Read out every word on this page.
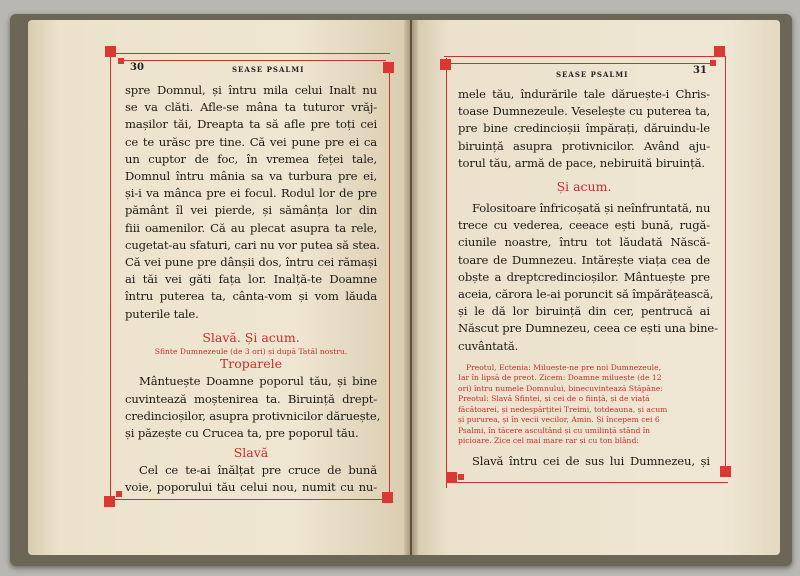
30	SEASE PSALMI
SEASE PSALMI	31
spre Domnul, și întru mila celui Inalt nu
se va clăti. Afle-se mâna ta tuturor vrăj-
mașilor tăi, Dreapta ta să afle pre toți cei
ce te urăsc pre tine. Că vei pune pre ei ca
un cuptor de foc, în vremea feței tale,
Domnul întru mânia sa va turbura pre ei,
și-i va mânca pre ei focul. Rodul lor de pre
pământ îl vei pierde, și sămânța lor din
fiii oamenilor. Că au plecat asupra ta rele,
cugetat-au sfaturi, cari nu vor putea să stea.
Că vei pune pre dânșii dos, întru cei rămași
ai tăi vei găti fața lor. Inalță-te Doamne
întru puterea ta, cânta-vom și vom lăuda
puterile tale.
Slavă. Și acum.
Sfinte Dumnezeule (de 3 ori) și după Tatăl nostru.
Troparele
Mântuește Doamne poporul tău, și bine
cuvintează moștenirea ta. Biruință drept-
credincioșilor, asupra protivnicilor dăruește,
și păzește cu Crucea ta, pre poporul tău.
Slavă
Cel ce te-ai înălțat pre cruce de bună
voie, poporului tău celui nou, numit cu nu-
mele tău, îndurările tale dăruește-i Chris-
toase Dumnezeule. Veselește cu puterea ta,
pre bine credincioșii împărați, dăruindu-le
biruință asupra protivnicilor. Având aju-
torul tău, armă de pace, nebiruită biruință.
Și acum.
Folositoare înfricoșată și neînfruntată, nu
trece cu vederea, ceeace ești bună, rugă-
ciunile noastre, întru tot lăudată Născă-
toare de Dumnezeu. Intărește viața cea de
obște a dreptcredincioșilor. Mântuește pre
aceia, cărora le-ai poruncit să împărățească,
și le dă lor biruință din cer, pentrucă ai
Născut pre Dumnezeu, ceea ce ești una bine-
cuvântată.
Preotul, Ectenia: Miluește-ne pre noi Dumnezeule,
Iar în lipsă de preot. Zicem: Doamne miluește (de 12
ori) întru numele Domnului, binecuvintează Stăpâne:
Preotul: Slavă Sfintei, și cei de o ființă, și de viață
făcătoarei, și nedespărțitei Treimi, totdeauna, și acum
și pururea, și în vecii vecilor, Amin. Și începem cei 6
Psalmi, în tăcere ascultând și cu umilință stând în
picioare. Zice cel mai mare rar și cu ton blând:
Slavă întru cei de sus lui Dumnezeu, și
